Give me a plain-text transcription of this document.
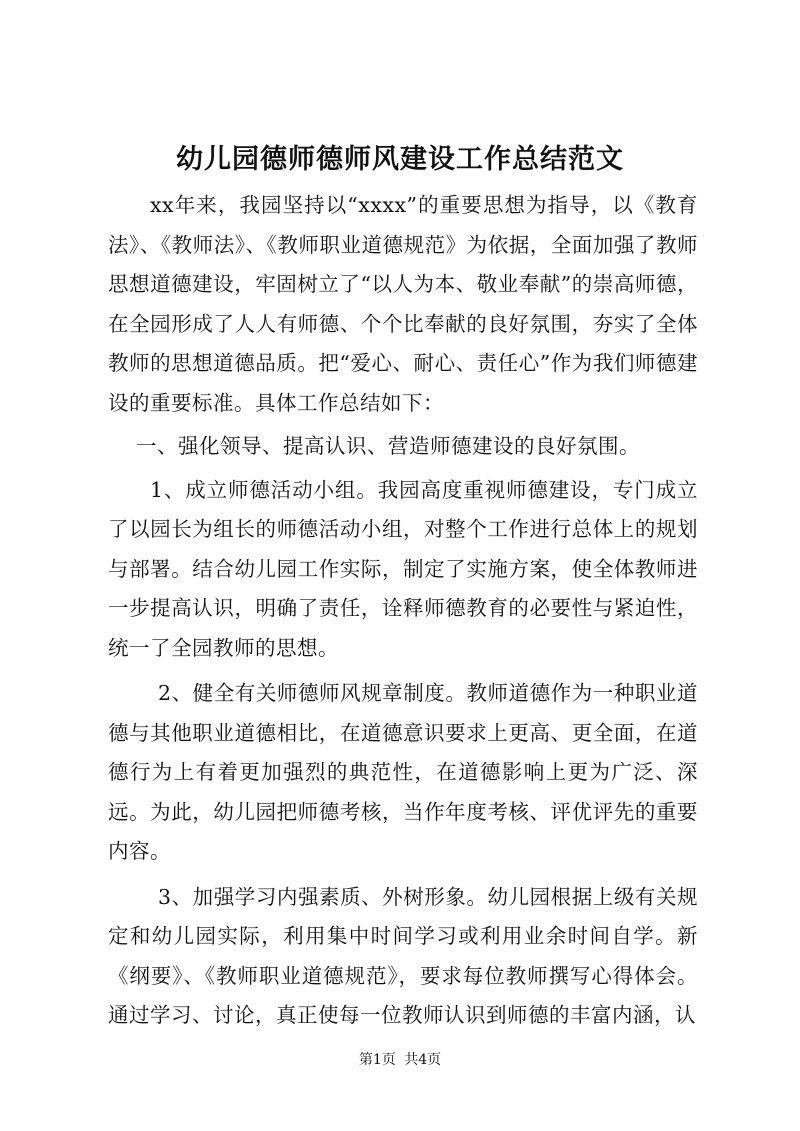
幼儿园德师德师风建设工作总结范文

xx年来，我园坚持以“xxxx”的重要思想为指导，以《教育法》、《教师法》、《教师职业道德规范》为依据，全面加强了教师思想道德建设，牢固树立了“以人为本、敬业奉献”的崇高师德，在全园形成了人人有师德、个个比奉献的良好氛围，夯实了全体教师的思想道德品质。把“爱心、耐心、责任心”作为我们师德建设的重要标准。具体工作总结如下：

一、强化领导、提高认识、营造师德建设的良好氛围。

1、成立师德活动小组。我园高度重视师德建设，专门成立了以园长为组长的师德活动小组，对整个工作进行总体上的规划与部署。结合幼儿园工作实际，制定了实施方案，使全体教师进一步提高认识，明确了责任，诠释师德教育的必要性与紧迫性，统一了全园教师的思想。

2、健全有关师德师风规章制度。教师道德作为一种职业道德与其他职业道德相比，在道德意识要求上更高、更全面，在道德行为上有着更加强烈的典范性，在道德影响上更为广泛、深远。为此，幼儿园把师德考核，当作年度考核、评优评先的重要内容。

3、加强学习内强素质、外树形象。幼儿园根据上级有关规定和幼儿园实际，利用集中时间学习或利用业余时间自学。新《纲要》、《教师职业道德规范》，要求每位教师撰写心得体会。通过学习、讨论，真正使每一位教师认识到师德的丰富内涵，认

第1页 共4页
